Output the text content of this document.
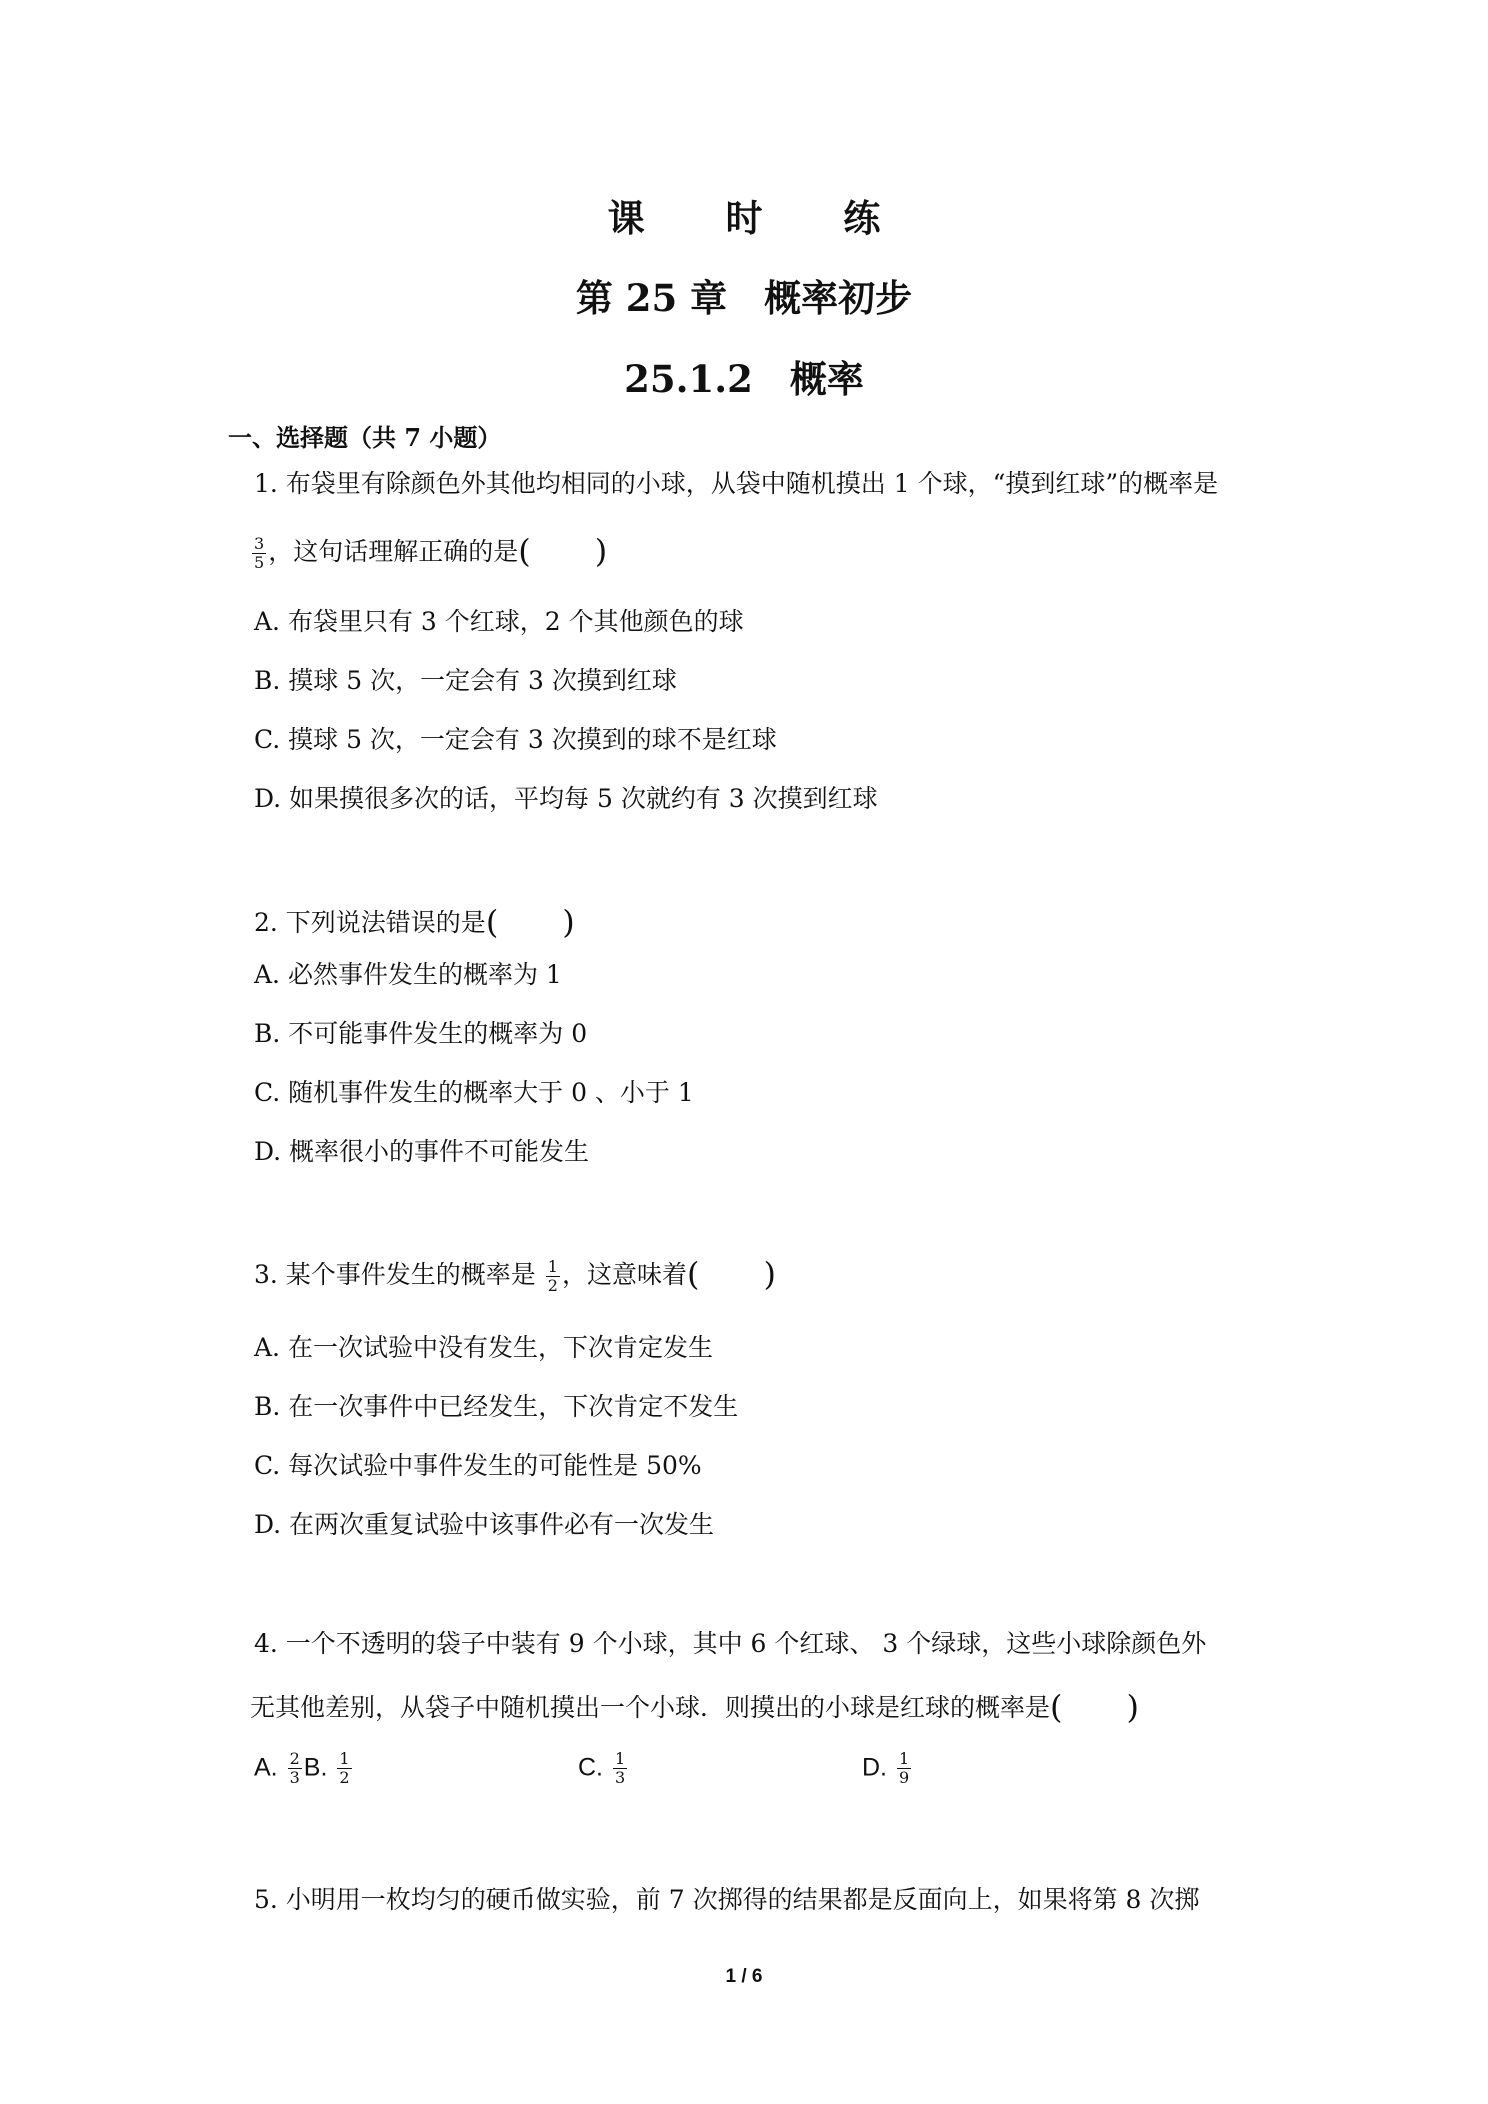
课 时 练
第 25 章　概率初步
25.1.2　概率
一、选择题（共 7 小题）
1. 布袋里有除颜色外其他均相同的小球，从袋中随机摸出 1 个球，“摸到红球”的概率是
$\frac{3}{5}$ ，这句话理解正确的是(　　)
A. 布袋里只有 3 个红球，2 个其他颜色的球
B. 摸球 5 次，一定会有 3 次摸到红球
C. 摸球 5 次，一定会有 3 次摸到的球不是红球
D. 如果摸很多次的话，平均每 5 次就约有 3 次摸到红球
2. 下列说法错误的是(　　)
A. 必然事件发生的概率为 1
B. 不可能事件发生的概率为 0
C. 随机事件发生的概率大于 0 、小于 1
D. 概率很小的事件不可能发生
3. 某个事件发生的概率是 $\frac{1}{2}$ ，这意味着(　　)
A. 在一次试验中没有发生，下次肯定发生
B. 在一次事件中已经发生，下次肯定不发生
C. 每次试验中事件发生的可能性是 50%
D. 在两次重复试验中该事件必有一次发生
4. 一个不透明的袋子中装有 9 个小球，其中 6 个红球、 3 个绿球，这些小球除颜色外
无其他差别，从袋子中随机摸出一个小球．则摸出的小球是红球的概率是(　　)
A. $\frac{2}{3} B$. $\frac{1}{2}$	C. $\frac{1}{3}$	D. $\frac{1}{9}$
5. 小明用一枚均匀的硬币做实验，前 7 次掷得的结果都是反面向上，如果将第 8 次掷
1 / 6
